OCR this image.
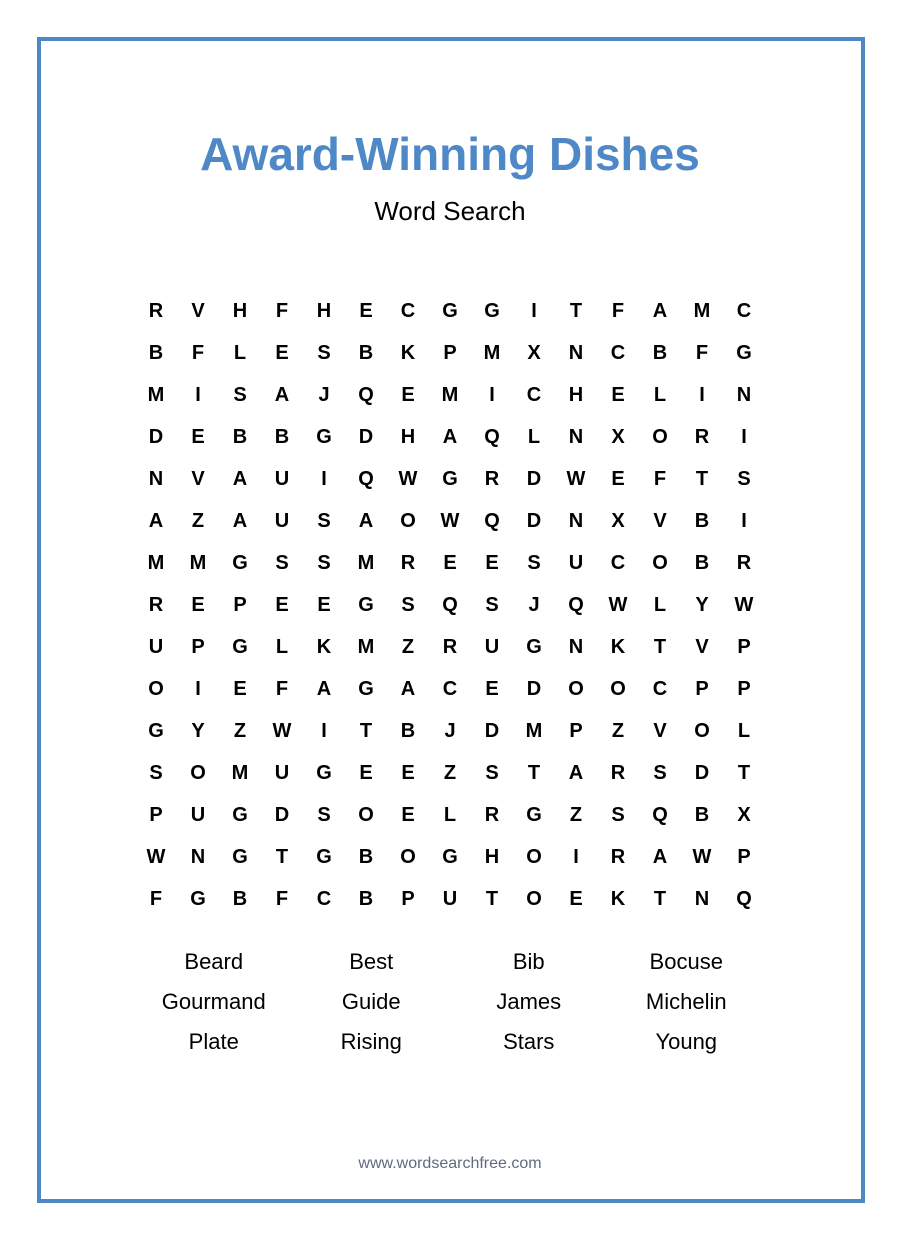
Award-Winning Dishes
Word Search
R	V	H	F	H	E	C	G	G	I	T	F	A	M	C
B	F	L	E	S	B	K	P	M	X	N	C	B	F	G
M	I	S	A	J	Q	E	M	I	C	H	E	L	I	N
D	E	B	B	G	D	H	A	Q	L	N	X	O	R	I
N	V	A	U	I	Q	W	G	R	D	W	E	F	T	S
A	Z	A	U	S	A	O	W	Q	D	N	X	V	B	I
M	M	G	S	S	M	R	E	E	S	U	C	O	B	R
R	E	P	E	E	G	S	Q	S	J	Q	W	L	Y	W
U	P	G	L	K	M	Z	R	U	G	N	K	T	V	P
O	I	E	F	A	G	A	C	E	D	O	O	C	P	P
G	Y	Z	W	I	T	B	J	D	M	P	Z	V	O	L
S	O	M	U	G	E	E	Z	S	T	A	R	S	D	T
P	U	G	D	S	O	E	L	R	G	Z	S	Q	B	X
W	N	G	T	G	B	O	G	H	O	I	R	A	W	P
F	G	B	F	C	B	P	U	T	O	E	K	T	N	Q
Beard	Best	Bib	Bocuse
Gourmand	Guide	James	Michelin
Plate	Rising	Stars	Young
www.wordsearchfree.com
